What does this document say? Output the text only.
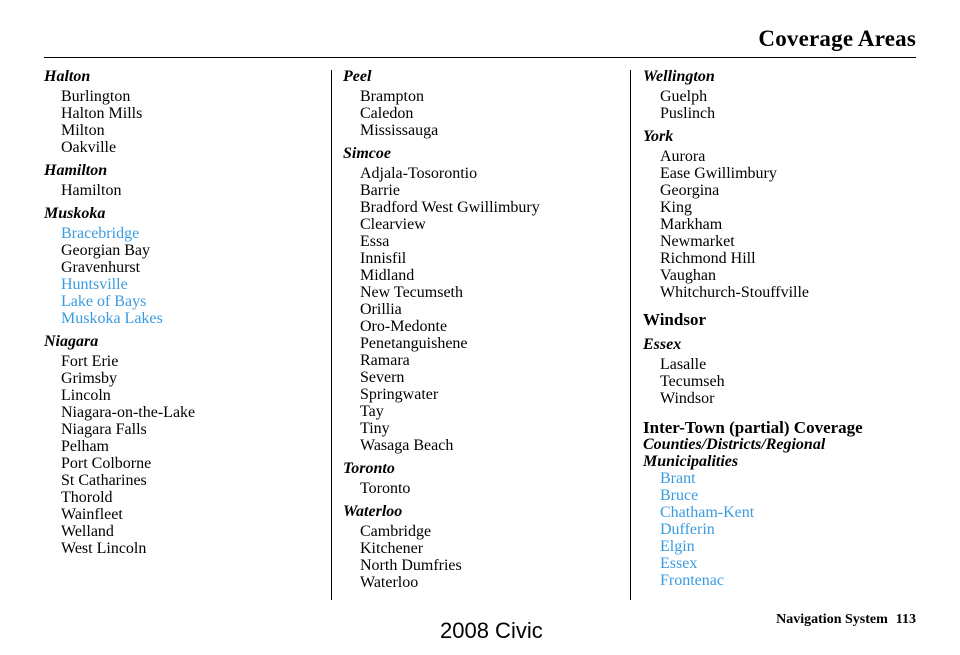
Coverage Areas
Halton
Burlington
Halton Mills
Milton
Oakville
Hamilton
Hamilton
Muskoka
Bracebridge
Georgian Bay
Gravenhurst
Huntsville
Lake of Bays
Muskoka Lakes
Niagara
Fort Erie
Grimsby
Lincoln
Niagara-on-the-Lake
Niagara Falls
Pelham
Port Colborne
St Catharines
Thorold
Wainfleet
Welland
West Lincoln
Peel
Brampton
Caledon
Mississauga
Simcoe
Adjala-Tosorontio
Barrie
Bradford West Gwillimbury
Clearview
Essa
Innisfil
Midland
New Tecumseth
Orillia
Oro-Medonte
Penetanguishene
Ramara
Severn
Springwater
Tay
Tiny
Wasaga Beach
Toronto
Toronto
Waterloo
Cambridge
Kitchener
North Dumfries
Waterloo
Wellington
Guelph
Puslinch
York
Aurora
Ease Gwillimbury
Georgina
King
Markham
Newmarket
Richmond Hill
Vaughan
Whitchurch-Stouffville
Windsor
Essex
Lasalle
Tecumseh
Windsor
Inter-Town (partial) Coverage
Counties/Districts/Regional
Municipalities
Brant
Bruce
Chatham-Kent
Dufferin
Elgin
Essex
Frontenac
Navigation System 113
2008 Civic
